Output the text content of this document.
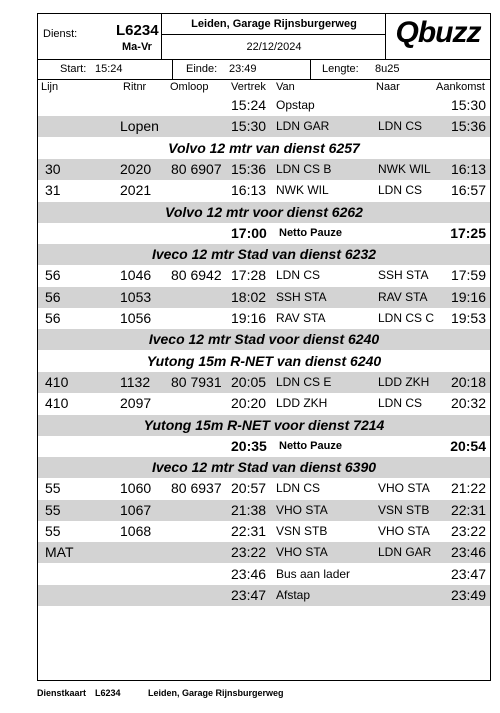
Dienst:	L6234
Ma-Vr
Leiden, Garage Rijnsburgerweg
22/12/2024	Qbuzz
Start: 15:24	Einde: 23:49	Lengte: 8u25
Lijn	Ritnr Omloop Vertrek Van	Naar	Aankomst
15:24 Opstap	15:30
Lopen	15:30 LDN GAR	LDN CS 15:36
Volvo 12 mtr van dienst 6257
30	2020 80 6907 15:36 LDN CS B	NWK WIL 16:13
31	2021	16:13 NWK WIL	LDN CS 16:57
Volvo 12 mtr voor dienst 6262
17:00 Netto Pauze	17:25
Iveco 12 mtr Stad van dienst 6232
56	1046 80 6942 17:28 LDN CS	SSH STA 17:59
56	1053	18:02 SSH STA	RAV STA 19:16
56	1056	19:16 RAV STA	LDN CS C 19:53
Iveco 12 mtr Stad voor dienst 6240
Yutong 15m R-NET van dienst 6240
410	1132 80 7931 20:05 LDN CS E	LDD ZKH 20:18
410	2097	20:20 LDD ZKH	LDN CS 20:32
Yutong 15m R-NET voor dienst 7214
20:35 Netto Pauze	20:54
Iveco 12 mtr Stad van dienst 6390
55	1060 80 6937 20:57 LDN CS	VHO STA 21:22
55	1067	21:38 VHO STA	VSN STB 22:31
55	1068	22:31 VSN STB	VHO STA 23:22
MAT	23:22 VHO STA	LDN GAR 23:46
23:46 Bus aan lader	23:47
23:47 Afstap	23:49
Dienstkaart L6234	Leiden, Garage Rijnsburgerweg
